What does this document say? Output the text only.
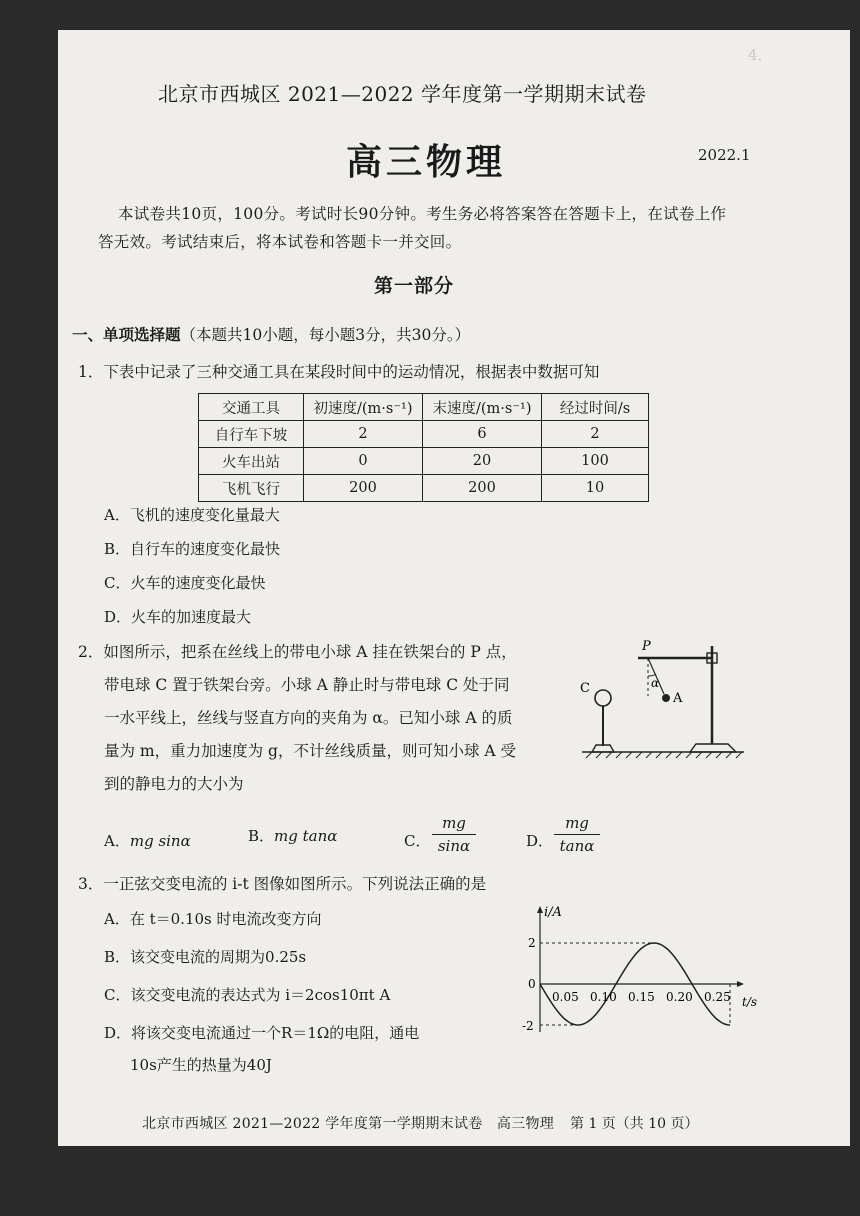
4．
北京市西城区 2021—2022 学年度第一学期期末试卷
高三物理	2022.1
本试卷共10页，100分。考试时长90分钟。考生务必将答案答在答题卡上，在试卷上作
答无效。考试结束后，将本试卷和答题卡一并交回。
第一部分
一、单项选择题（本题共10小题，每小题3分，共30分。）
1．下表中记录了三种交通工具在某段时间中的运动情况，根据表中数据可知
交通工具	初速度/(m·s⁻¹)	末速度/(m·s⁻¹)	经过时间/s
自行车下坡	2	6	2
火车出站	0	20	100
飞机飞行	200	200	10
A．飞机的速度变化量最大
B．自行车的速度变化最快
C．火车的速度变化最快
D．火车的加速度最大
2．如图所示，把系在丝线上的带电小球 A 挂在铁架台的 P 点，
带电球 C 置于铁架台旁。小球 A 静止时与带电球 C 处于同
一水平线上，丝线与竖直方向的夹角为 α。已知小球 A 的质
量为 m，重力加速度为 g，不计丝线质量，则可知小球 A 受
到的静电力的大小为
P
C
A
α
A．mg sinα	B．mg tanα	C． $\frac{mg}{\sin\alpha}$	D． $\frac{mg}{\tan\alpha}$
3．一正弦交变电流的 i-t 图像如图所示。下列说法正确的是
A．在 t＝0.10s 时电流改变方向
B．该交变电流的周期为0.25s
C．该交变电流的表达式为 i＝2cos10πt A
D．将该交变电流通过一个R＝1Ω的电阻，通电
10s产生的热量为40J
i/A
t/s
2
0
-2
0.05 0.10 0.15 0.20 0.25
北京市西城区 2021—2022 学年度第一学期期末试卷　高三物理 第 1 页（共 10 页）
